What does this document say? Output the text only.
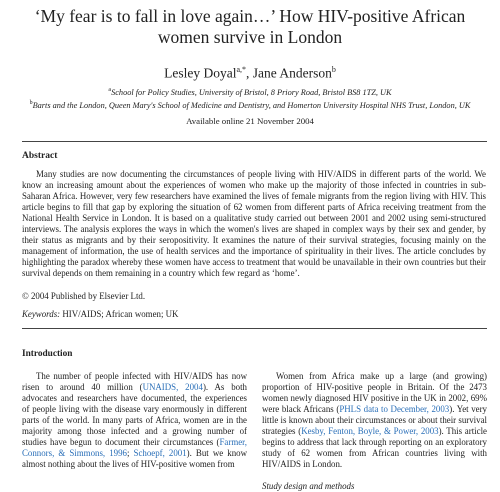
‘My fear is to fall in love again…’ How HIV-positive African
women survive in London
Lesley Doyal$^{a,*}$, Jane Anderson$^b$
$^a$School for Policy Studies, University of Bristol, 8 Priory Road, Bristol BS8 1TZ, UK
$^b$Barts and the London, Queen Mary's School of Medicine and Dentistry, and Homerton University Hospital NHS Trust, London, UK
Available online 21 November 2004
Abstract
Many studies are now documenting the circumstances of people living with HIV/AIDS in different parts of the world. We know an increasing amount about the experiences of women who make up the majority of those infected in countries in sub-Saharan Africa. However, very few researchers have examined the lives of female migrants from the region living with HIV. This article begins to fill that gap by exploring the situation of 62 women from different parts of Africa receiving treatment from the National Health Service in London. It is based on a qualitative study carried out between 2001 and 2002 using semi-structured interviews. The analysis explores the ways in which the women's lives are shaped in complex ways by their sex and gender, by their status as migrants and by their seropositivity. It examines the nature of their survival strategies, focusing mainly on the management of information, the use of health services and the importance of spirituality in their lives. The article concludes by highlighting the paradox whereby these women have access to treatment that would be unavailable in their own countries but their survival depends on them remaining in a country which few regard as ‘home’.
© 2004 Published by Elsevier Ltd.
Keywords: HIV/AIDS; African women; UK
Introduction

The number of people infected with HIV/AIDS has now risen to around 40 million (UNAIDS, 2004). As both advocates and researchers have documented, the experiences of people living with the disease vary enormously in different parts of the world. In many parts of Africa, women are in the majority among those infected and a growing number of studies have begun to document their circumstances (Farmer, Connors, & Simmons, 1996; Schoepf, 2001). But we know almost nothing about the lives of HIV-positive women from

Women from Africa make up a large (and growing) proportion of HIV-positive people in Britain. Of the 2473 women newly diagnosed HIV positive in the UK in 2002, 69% were black Africans (PHLS data to December, 2003). Yet very little is known about their circumstances or about their survival strategies (Kesby, Fenton, Boyle, & Power, 2003). This article begins to address that lack through reporting on an exploratory study of 62 women from African countries living with HIV/AIDS in London.

Study design and methods
